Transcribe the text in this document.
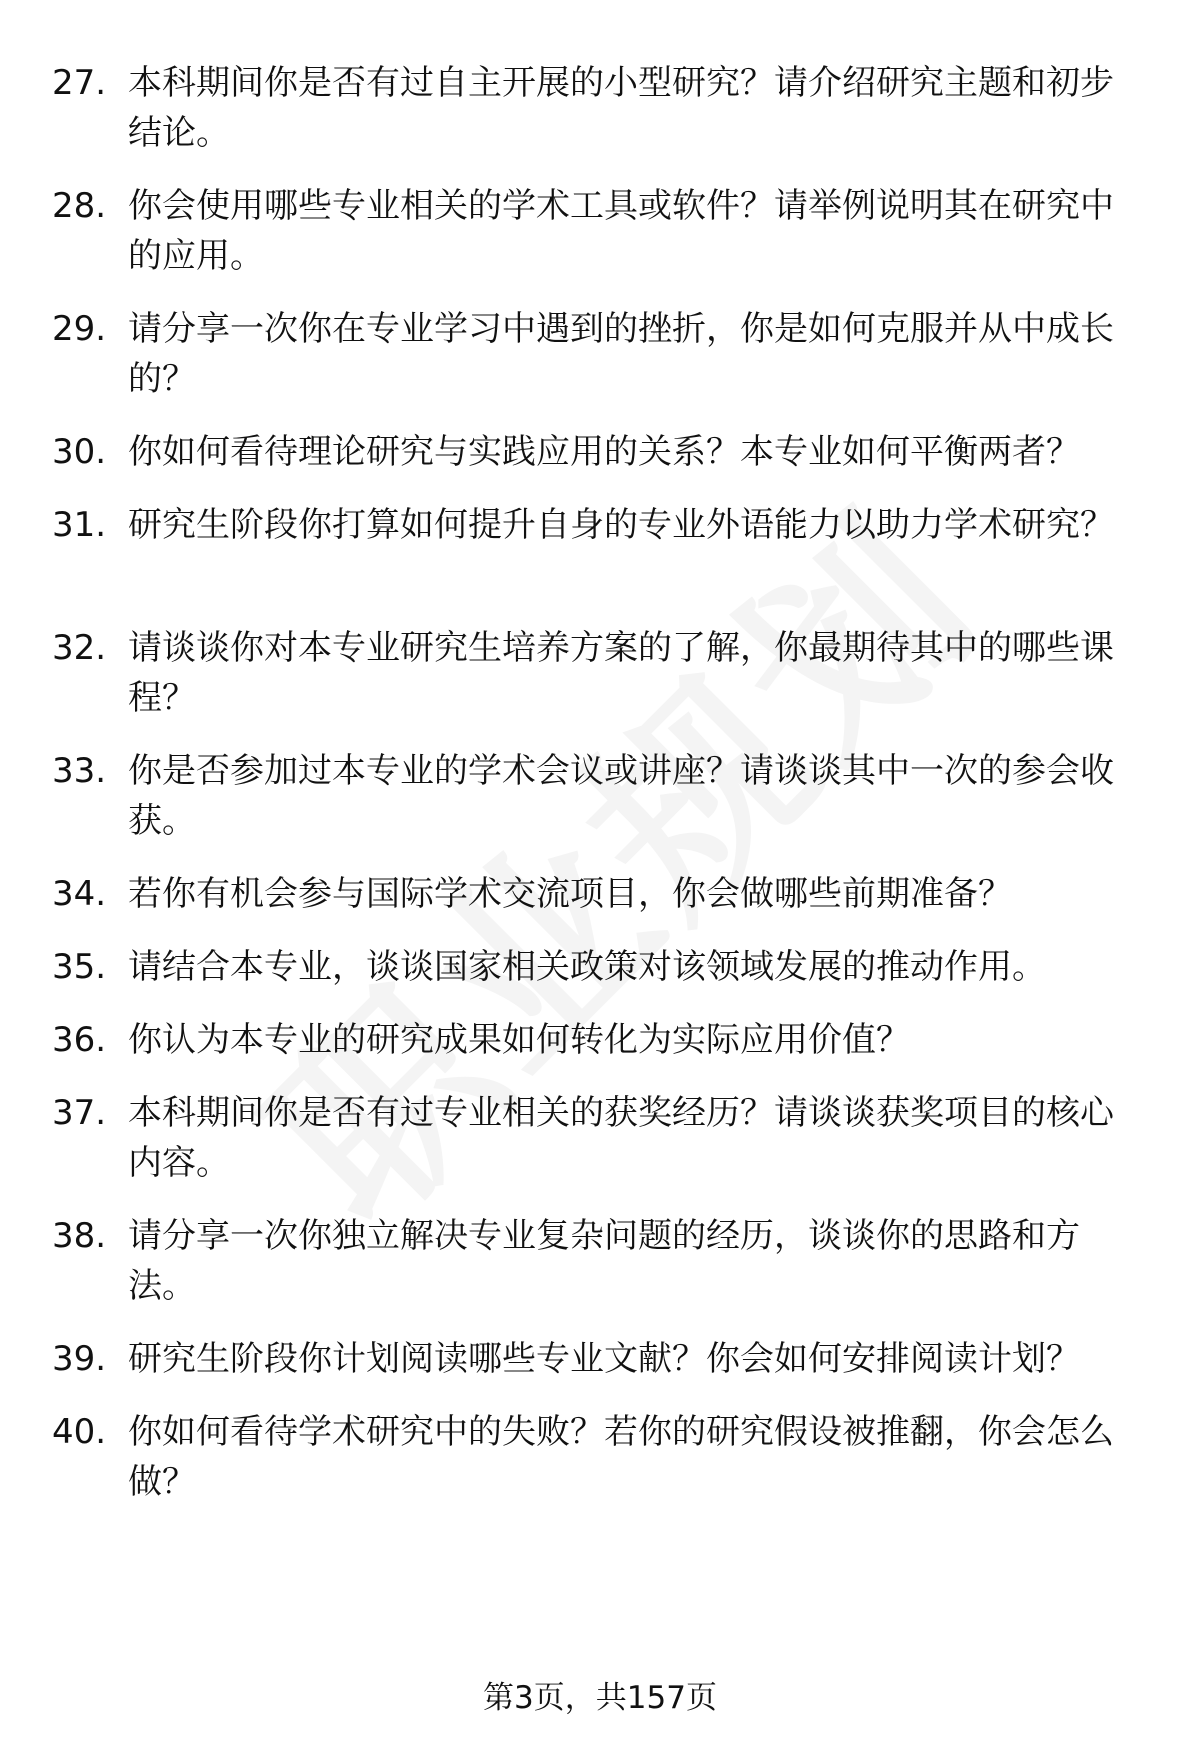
27. 本科期间你是否有过自主开展的小型研究？请介绍研究主题和初步结论。
28. 你会使用哪些专业相关的学术工具或软件？请举例说明其在研究中的应用。
29. 请分享一次你在专业学习中遇到的挫折，你是如何克服并从中成长的？
30. 你如何看待理论研究与实践应用的关系？本专业如何平衡两者？
31. 研究生阶段你打算如何提升自身的专业外语能力以助力学术研究？
32. 请谈谈你对本专业研究生培养方案的了解，你最期待其中的哪些课程？
33. 你是否参加过本专业的学术会议或讲座？请谈谈其中一次的参会收获。
34. 若你有机会参与国际学术交流项目，你会做哪些前期准备？
35. 请结合本专业，谈谈国家相关政策对该领域发展的推动作用。
36. 你认为本专业的研究成果如何转化为实际应用价值？
37. 本科期间你是否有过专业相关的获奖经历？请谈谈获奖项目的核心内容。
38. 请分享一次你独立解决专业复杂问题的经历，谈谈你的思路和方法。
39. 研究生阶段你计划阅读哪些专业文献？你会如何安排阅读计划？
40. 你如何看待学术研究中的失败？若你的研究假设被推翻，你会怎么做？
第3页，共157页
